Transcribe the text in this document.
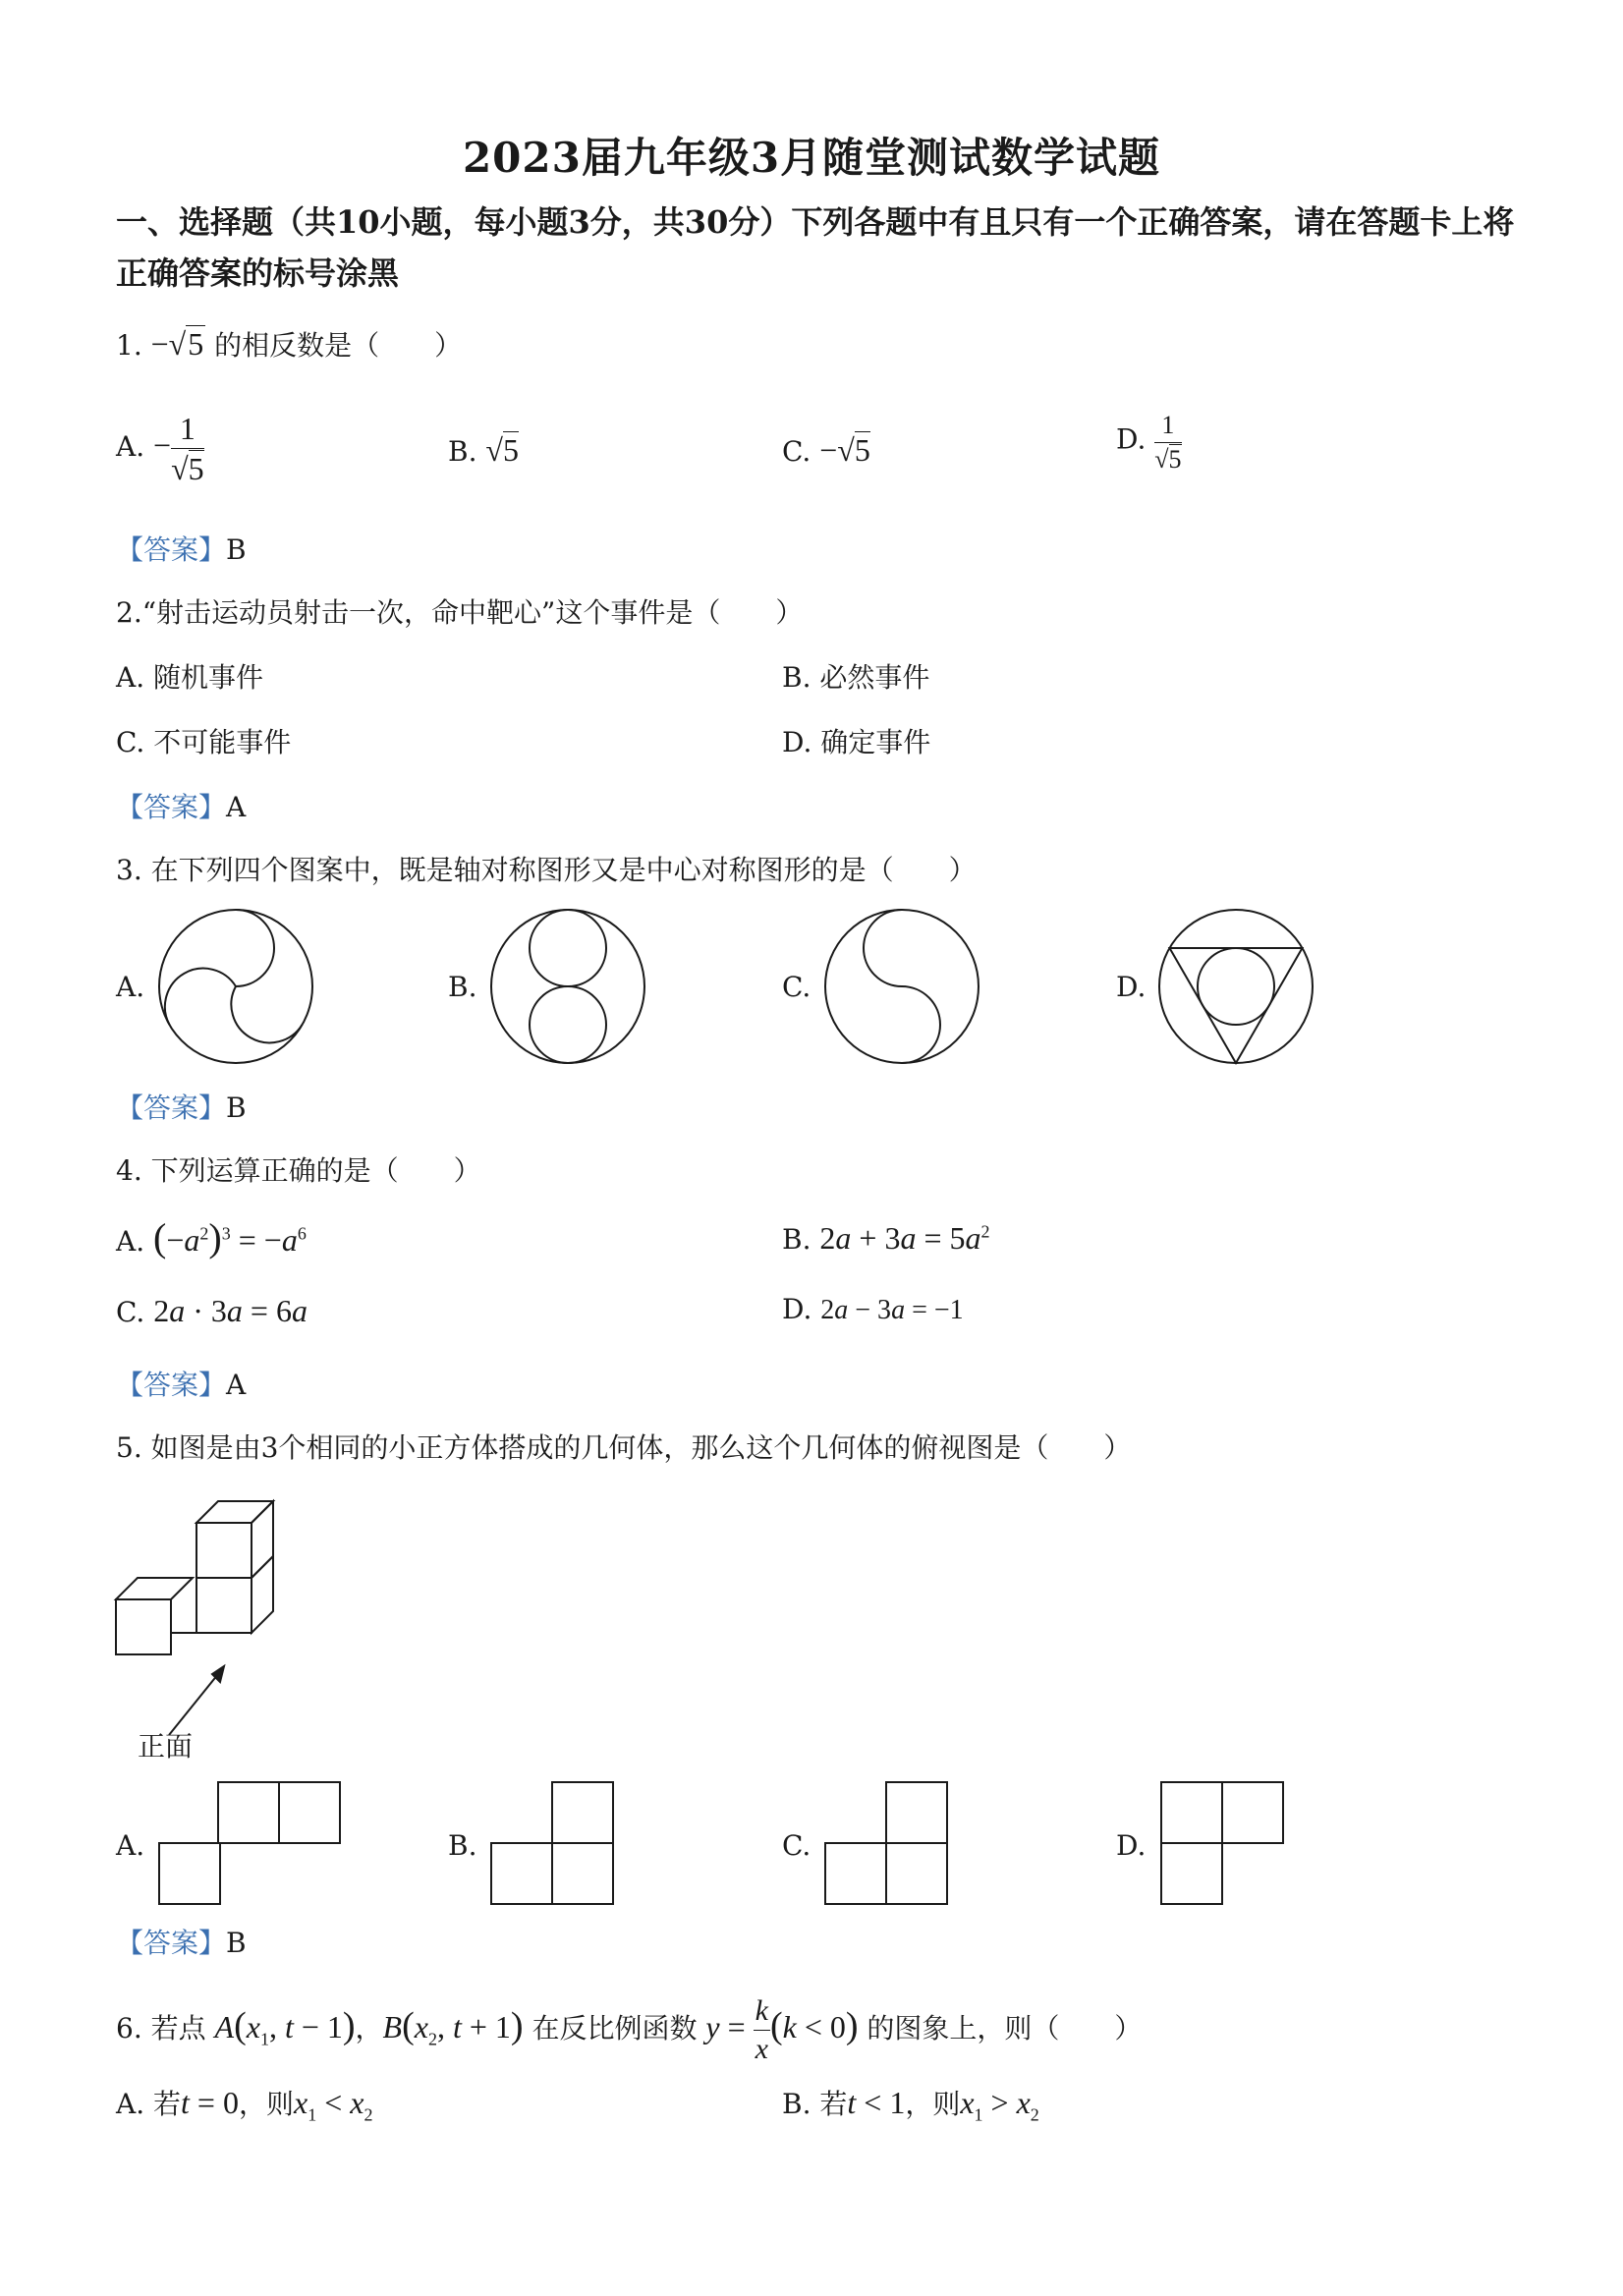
2023届九年级3月随堂测试数学试题
一、选择题（共10小题，每小题3分，共30分）下列各题中有且只有一个正确答案，请在答题卡上将正确答案的标号涂黑
1. −√5 的相反数是（　　）
A. − $\frac{1}{√5}$	B. √5	C. −√5	D. $\frac{1}{√5}$
【答案】B
2.“射击运动员射击一次，命中靶心”这个事件是（　　）
A. 随机事件	B. 必然事件
C. 不可能事件	D. 确定事件
【答案】A
3. 在下列四个图案中，既是轴对称图形又是中心对称图形的是（　　）
A.	B.	C.	D.
【答案】B
4. 下列运算正确的是（　　）
A. $(-a^2)^3 = -a^6$	B. $2a + 3a = 5a^2$
C. 2a · 3a = 6a	D. 2a − 3a = −1
【答案】A
5. 如图是由3个相同的小正方体搭成的几何体，那么这个几何体的俯视图是（　　）
正面
A.	B.	C.	D.
【答案】B
6. 若点 $A(x_1$, t − 1)，$B(x_2$, t + 1) 在反比例函数 $y = \frac{k}{x} (k < 0)$ 的图象上，则（　　）
A. 若t = 0，则$x_1 < x_2$	B. 若t < 1，则$x_1 > x_2$
